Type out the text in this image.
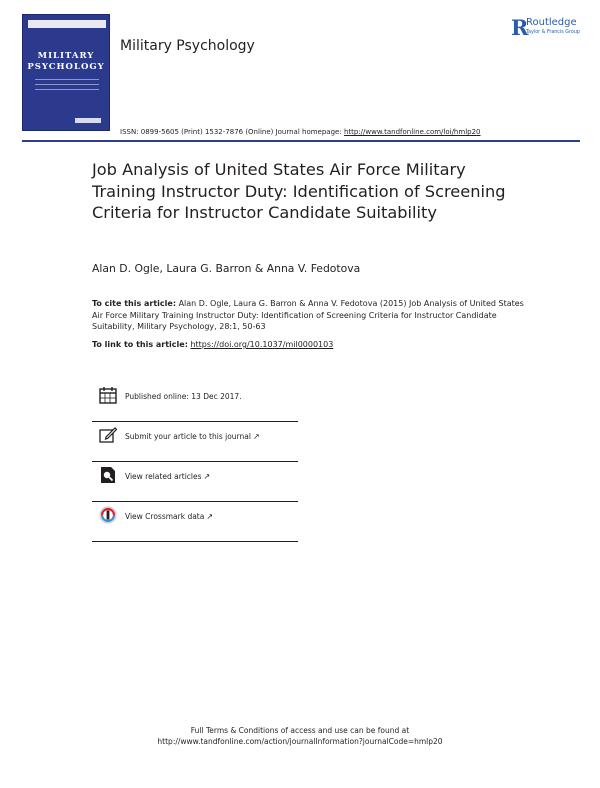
MILITARY
PSYCHOLOGY
Military Psychology
R
Routledge
Taylor & Francis Group
ISSN: 0899-5605 (Print) 1532-7876 (Online) Journal homepage: http://www.tandfonline.com/loi/hmlp20
Job Analysis of United States Air Force Military Training Instructor Duty: Identification of Screening Criteria for Instructor Candidate Suitability
Alan D. Ogle, Laura G. Barron & Anna V. Fedotova
To cite this article: Alan D. Ogle, Laura G. Barron & Anna V. Fedotova (2015) Job Analysis of United States Air Force Military Training Instructor Duty: Identification of Screening Criteria for Instructor Candidate Suitability, Military Psychology, 28:1, 50-63
To link to this article: https://doi.org/10.1037/mil0000103
Published online: 13 Dec 2017.
Submit your article to this journal ↗
View related articles ↗
View Crossmark data ↗
Full Terms & Conditions of access and use can be found at
http://www.tandfonline.com/action/journalInformation?journalCode=hmlp20
